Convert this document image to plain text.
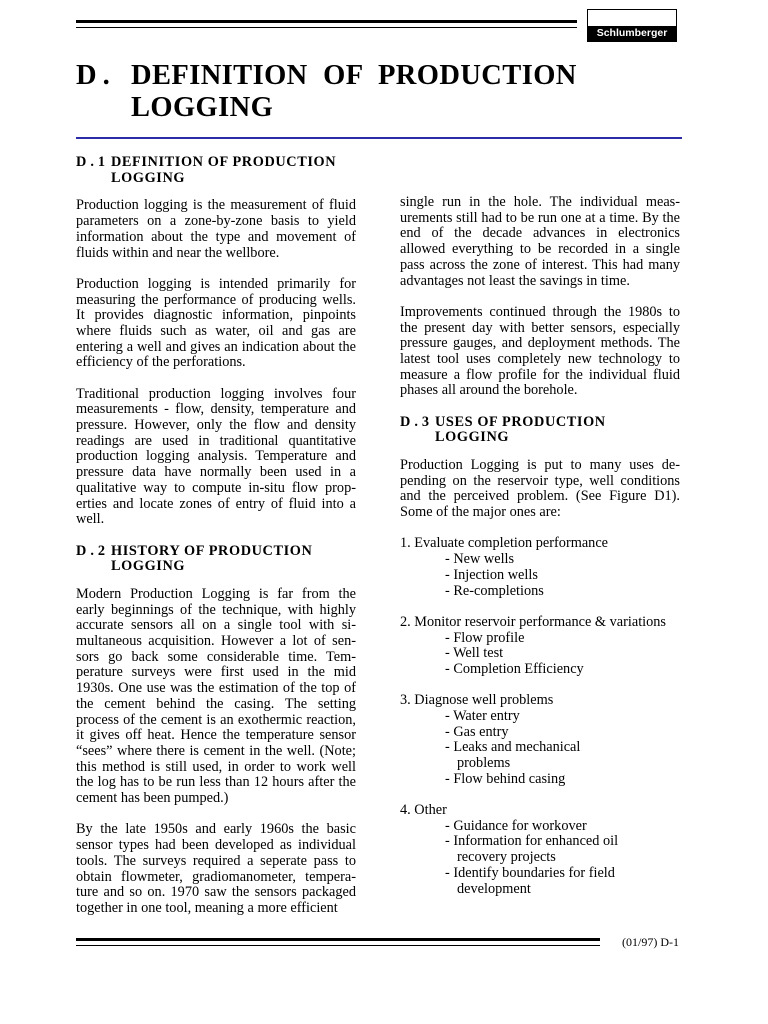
Schlumberger
D. DEFINITION OF PRODUCTION
LOGGING
D.1 DEFINITION OF PRODUCTION
LOGGING

Production logging is the measurement of fluid parameters on a zone-by-zone basis to yield information about the type and movement of fluids within and near the wellbore.

Production logging is intended primarily for measuring the performance of producing wells. It provides diagnostic information, pinpoints where fluids such as water, oil and gas are entering a well and gives an indication about the efficiency of the perforations.

Traditional production logging involves four measurements - flow, density, temperature and pressure. However, only the flow and density readings are used in traditional quantitative production logging analysis. Temperature and pressure data have normally been used in a qualitative way to compute in-situ flow properties and locate zones of entry of fluid into a well.

D.2 HISTORY OF PRODUCTION
LOGGING

Modern Production Logging is far from the early beginnings of the technique, with highly accurate sensors all on a single tool with simultaneous acquisition. However a lot of sensors go back some considerable time. Temperature surveys were first used in the mid 1930s. One use was the estimation of the top of the cement behind the casing. The setting process of the cement is an exothermic reaction, it gives off heat. Hence the temperature sensor “sees” where there is cement in the well. (Note; this method is still used, in order to work well the log has to be run less than 12 hours after the cement has been pumped.)

By the late 1950s and early 1960s the basic sensor types had been developed as individual tools. The surveys required a seperate pass to obtain flowmeter, gradiomanometer, temperature and so on. 1970 saw the sensors packaged together in one tool, meaning a more efficient

single run in the hole. The individual measurements still had to be run one at a time. By the end of the decade advances in electronics allowed everything to be recorded in a single pass across the zone of interest. This had many advantages not least the savings in time.

Improvements continued through the 1980s to the present day with better sensors, especially pressure gauges, and deployment methods. The latest tool uses completely new technology to measure a flow profile for the individual fluid phases all around the borehole.

D.3 USES OF PRODUCTION
LOGGING

Production Logging is put to many uses depending on the reservoir type, well conditions and the perceived problem. (See Figure D1). Some of the major ones are:

1. Evaluate completion performance
- New wells
- Injection wells
- Re-completions
2. Monitor reservoir performance & variations
- Flow profile
- Well test
- Completion Efficiency
3. Diagnose well problems
- Water entry
- Gas entry
- Leaks and mechanical
problems
- Flow behind casing
4. Other
- Guidance for workover
- Information for enhanced oil
recovery projects
- Identify boundaries for field
development
(01/97) D-1
